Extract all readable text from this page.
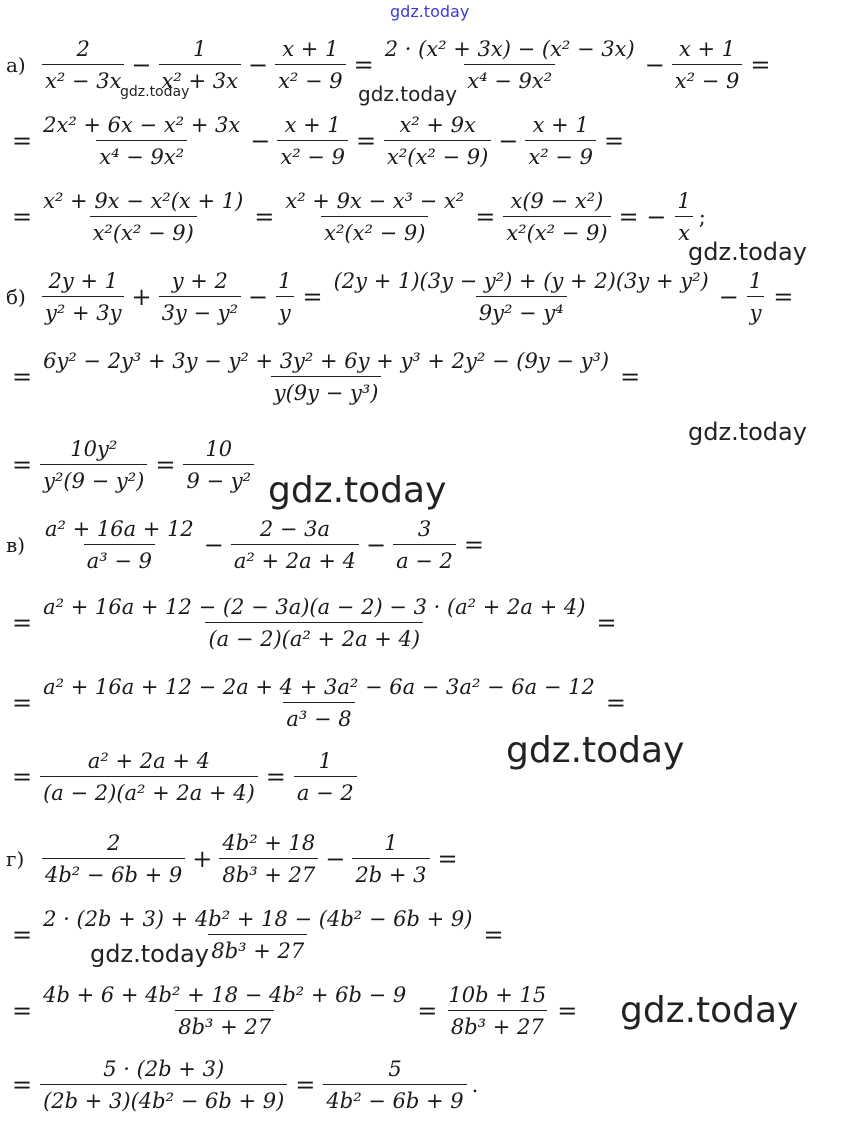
$а) \frac{2}{\text{x² − 3x}} - \frac{1}{\text{x² + 3x}} - \frac{x + 1}{\text{x² − 9}} = \frac{\text{2 · (x² + 3x) − (x² − 3x)}}{\text{x⁴ − 9x²}} - \frac{x + 1}{\text{x² − 9}}$ =
= $\frac{\text{2x² + 6x − x² + 3x}}{\text{x⁴ − 9x²}} - \frac{x + 1}{\text{x² − 9}} = \frac{\text{x² + 9x}}{\text{x²(x² − 9)}} - \frac{x + 1}{\text{x² − 9}}$ =
= $\frac{\text{x² + 9x − x²(x + 1)}}{\text{x²(x² − 9)}} = \frac{\text{x² + 9x − x³ − x²}}{\text{x²(x² − 9)}} = \frac{\text{x(9 − x²)}}{\text{x²(x² − 9)}}$ = − $\frac{1}{x}$ ;
$б) \frac{2y + 1}{\text{y² + 3y}} + \frac{y + 2}{\text{3y − y²}} - \frac{1}{y} = \frac{\text{(2y + 1)(3y − y²) + (y + 2)(3y + y²)}}{\text{9y² − y⁴}} - \frac{1}{y}$ =
= $\frac{\text{6y² − 2y³ + 3y − y² + 3y² + 6y + y³ + 2y² − (9y − y³)}}{\text{y(9y − y³)}}$ =
= $\frac{\text{10y²}}{\text{y²(9 − y²)}} = \frac{10}{\text{9 − y²}}$
$в) \frac{\text{a² + 16a + 12}}{\text{a³ − 9}} - \frac{2 - 3a}{\text{a² + 2a + 4}} - \frac{3}{a - 2}$ =
= $\frac{\text{a² + 16a + 12 − (2 − 3a)(a − 2) − 3 · (a² + 2a + 4)}}{\text{(a − 2)(a² + 2a + 4)}}$ =
= $\frac{\text{a² + 16a + 12 − 2a + 4 + 3a² − 6a − 3a² − 6a − 12}}{\text{a³ − 8}}$ =
= $\frac{\text{a² + 2a + 4}}{\text{(a − 2)(a² + 2a + 4)}} = \frac{1}{a - 2}$
$г) \frac{2}{\text{4b² − 6b + 9}} + \frac{\text{4b² + 18}}{\text{8b³ + 27}} - \frac{1}{2b + 3}$ =
= $\frac{\text{2 · (2b + 3) + 4b² + 18 − (4b² − 6b + 9)}}{\text{8b³ + 27}}$ =
= $\frac{\text{4b + 6 + 4b² + 18 − 4b² + 6b − 9}}{\text{8b³ + 27}} = \frac{10b + 15}{\text{8b³ + 27}}$ =
= $\frac{5 \cdot (2b + 3)}{\text{(2b + 3)(4b² − 6b + 9)}} = \frac{5}{\text{4b² − 6b + 9}}$ .
gdz.today
gdz.today	gdz.today
gdz.today
gdz.today
gdz.today
gdz.today
gdz.today
gdz.today
